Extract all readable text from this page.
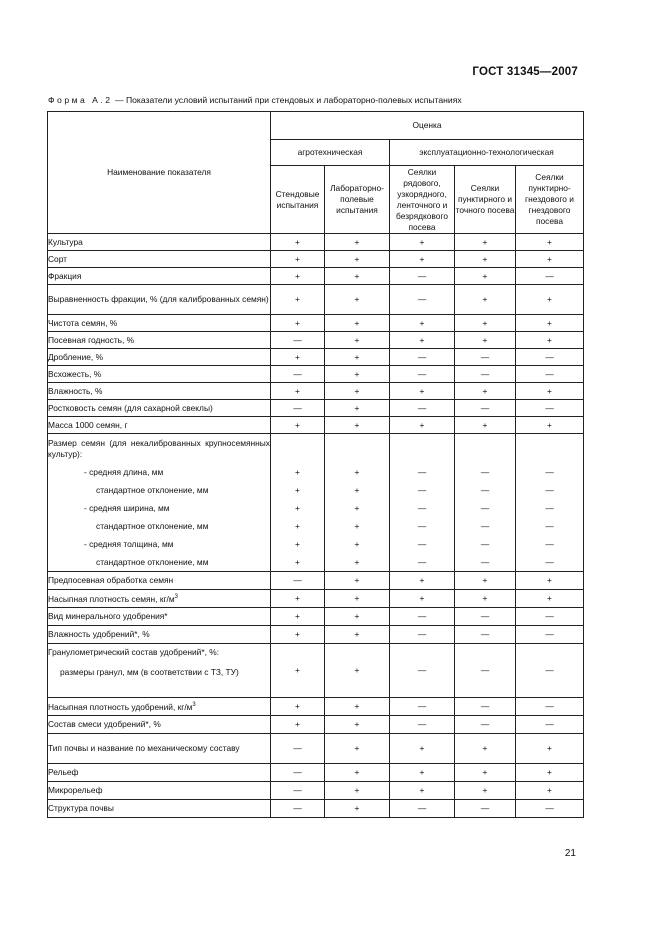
ГОСТ 31345—2007
Форма А.2 — Показатели условий испытаний при стендовых и лабораторно-полевых испытаниях
Наименование показателя	Оценка				
	агротехническая		эксплуатационно-технологическая		
	Стендовые испытания	Лабораторно-полевые испытания	Сеялки рядового, узкорядного, ленточного и безрядкового посева	Сеялки пунктирного и точного посева	Сеялки пунктирно-гнездового и гнездового посева
Культура	+	+	+	+	+
Сорт	+	+	+	+	+
Фракция	+	+	—	+	—
Выравненность фракции, % (для калиброванных семян)	+	+	—	+	+
Чистота семян, %	+	+	+	+	+
Посевная годность, %	—	+	+	+	+
Дробление, %	+	+	—	—	—
Всхожесть, %	—	+	—	—	—
Влажность, %	+	+	+	+	+
Ростковость семян (для сахарной свеклы)	—	+	—	—	—
Масса 1000 семян, г	+	+	+	+	+
Размер семян (для некалиброванных крупносемянных культур):					
- средняя длина, мм	+	+	—	—	—
стандартное отклонение, мм	+	+	—	—	—
- средняя ширина, мм	+	+	—	—	—
стандартное отклонение, мм	+	+	—	—	—
- средняя толщина, мм	+	+	—	—	—
стандартное отклонение, мм	+	+	—	—	—
Предпосевная обработка семян	—	+	+	+	+
Насыпная плотность семян, $кг/м^3$	+	+	+	+	+
Вид минерального удобрения*	+	+	—	—	—
Влажность удобрений*, %	+	+	—	—	—

Гранулометрический состав удобрений*, %:
размеры гранул, мм (в соответствии с ТЗ, ТУ)	+	+	—	—	—
Насыпная плотность удобрений, $кг/м^3$	+	+	—	—	—
Состав смеси удобрений*, %	+	+	—	—	—
Тип почвы и название по механическому составу	—	+	+	+	+
Рельеф	—	+	+	+	+
Микрорельеф	—	+	+	+	+
Структура почвы	—	+	—	—	—
21
